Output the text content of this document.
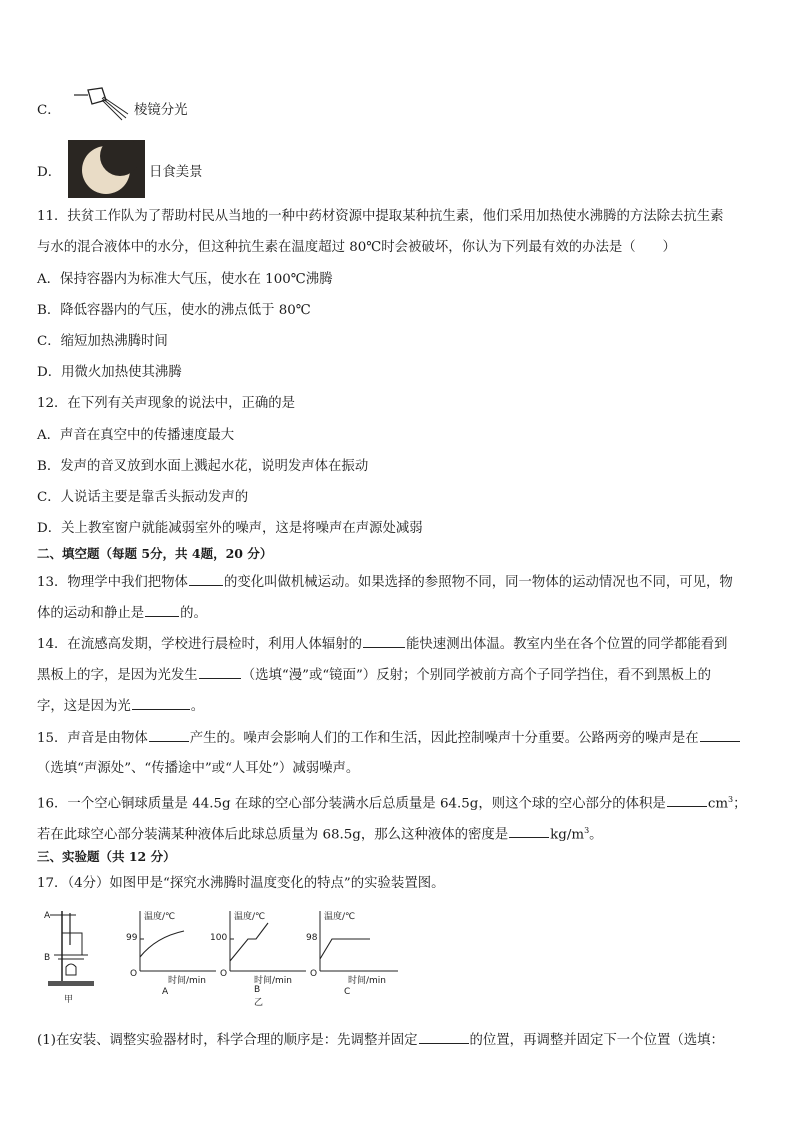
C．	棱镜分光
D．	日食美景
11．扶贫工作队为了帮助村民从当地的一种中药材资源中提取某种抗生素，他们采用加热使水沸腾的方法除去抗生素
与水的混合液体中的水分，但这种抗生素在温度超过 80℃时会被破坏，你认为下列最有效的办法是（　　）
A．保持容器内为标准大气压，使水在 100℃沸腾
B．降低容器内的气压，使水的沸点低于 80℃
C．缩短加热沸腾时间
D．用微火加热使其沸腾
12．在下列有关声现象的说法中，正确的是
A．声音在真空中的传播速度最大
B．发声的音叉放到水面上溅起水花，说明发声体在振动
C．人说话主要是靠舌头振动发声的
D．关上教室窗户就能减弱室外的噪声，这是将噪声在声源处减弱
二、填空题（每题 5分，共 4题，20 分）
13．物理学中我们把物体	的变化叫做机械运动。如果选择的参照物不同，同一物体的运动情况也不同，可见，物
体的运动和静止是	的。
14．在流感高发期，学校进行晨检时，利用人体辐射的	能快速测出体温。教室内坐在各个位置的同学都能看到
黑板上的字，是因为光发生	（选填“漫”或“镜面”）反射；个别同学被前方高个子同学挡住，看不到黑板上的
字，这是因为光	。
15．声音是由物体	产生的。噪声会影响人们的工作和生活，因此控制噪声十分重要。公路两旁的噪声是在
（选填“声源处”、“传播途中”或“人耳处”）减弱噪声。
16．一个空心铜球质量是 44.5g 在球的空心部分装满水后总质量是 64.5g，则这个球的空心部分的体积是	$cm^3$；
若在此球空心部分装满某种液体后此球总质量为 68.5g，那么这种液体的密度是	$kg/m^3$。
三、实验题（共 12 分）
17．（4分）如图甲是“探究水沸腾时温度变化的特点”的实验装置图。
A
B
甲
温度/℃
99
O
时间/min
A
温度/℃
100
O
时间/min
B
乙
温度/℃
98
O
时间/min
C
(1)在安装、调整实验器材时，科学合理的顺序是：先调整并固定	的位置，再调整并固定下一个位置（选填：
